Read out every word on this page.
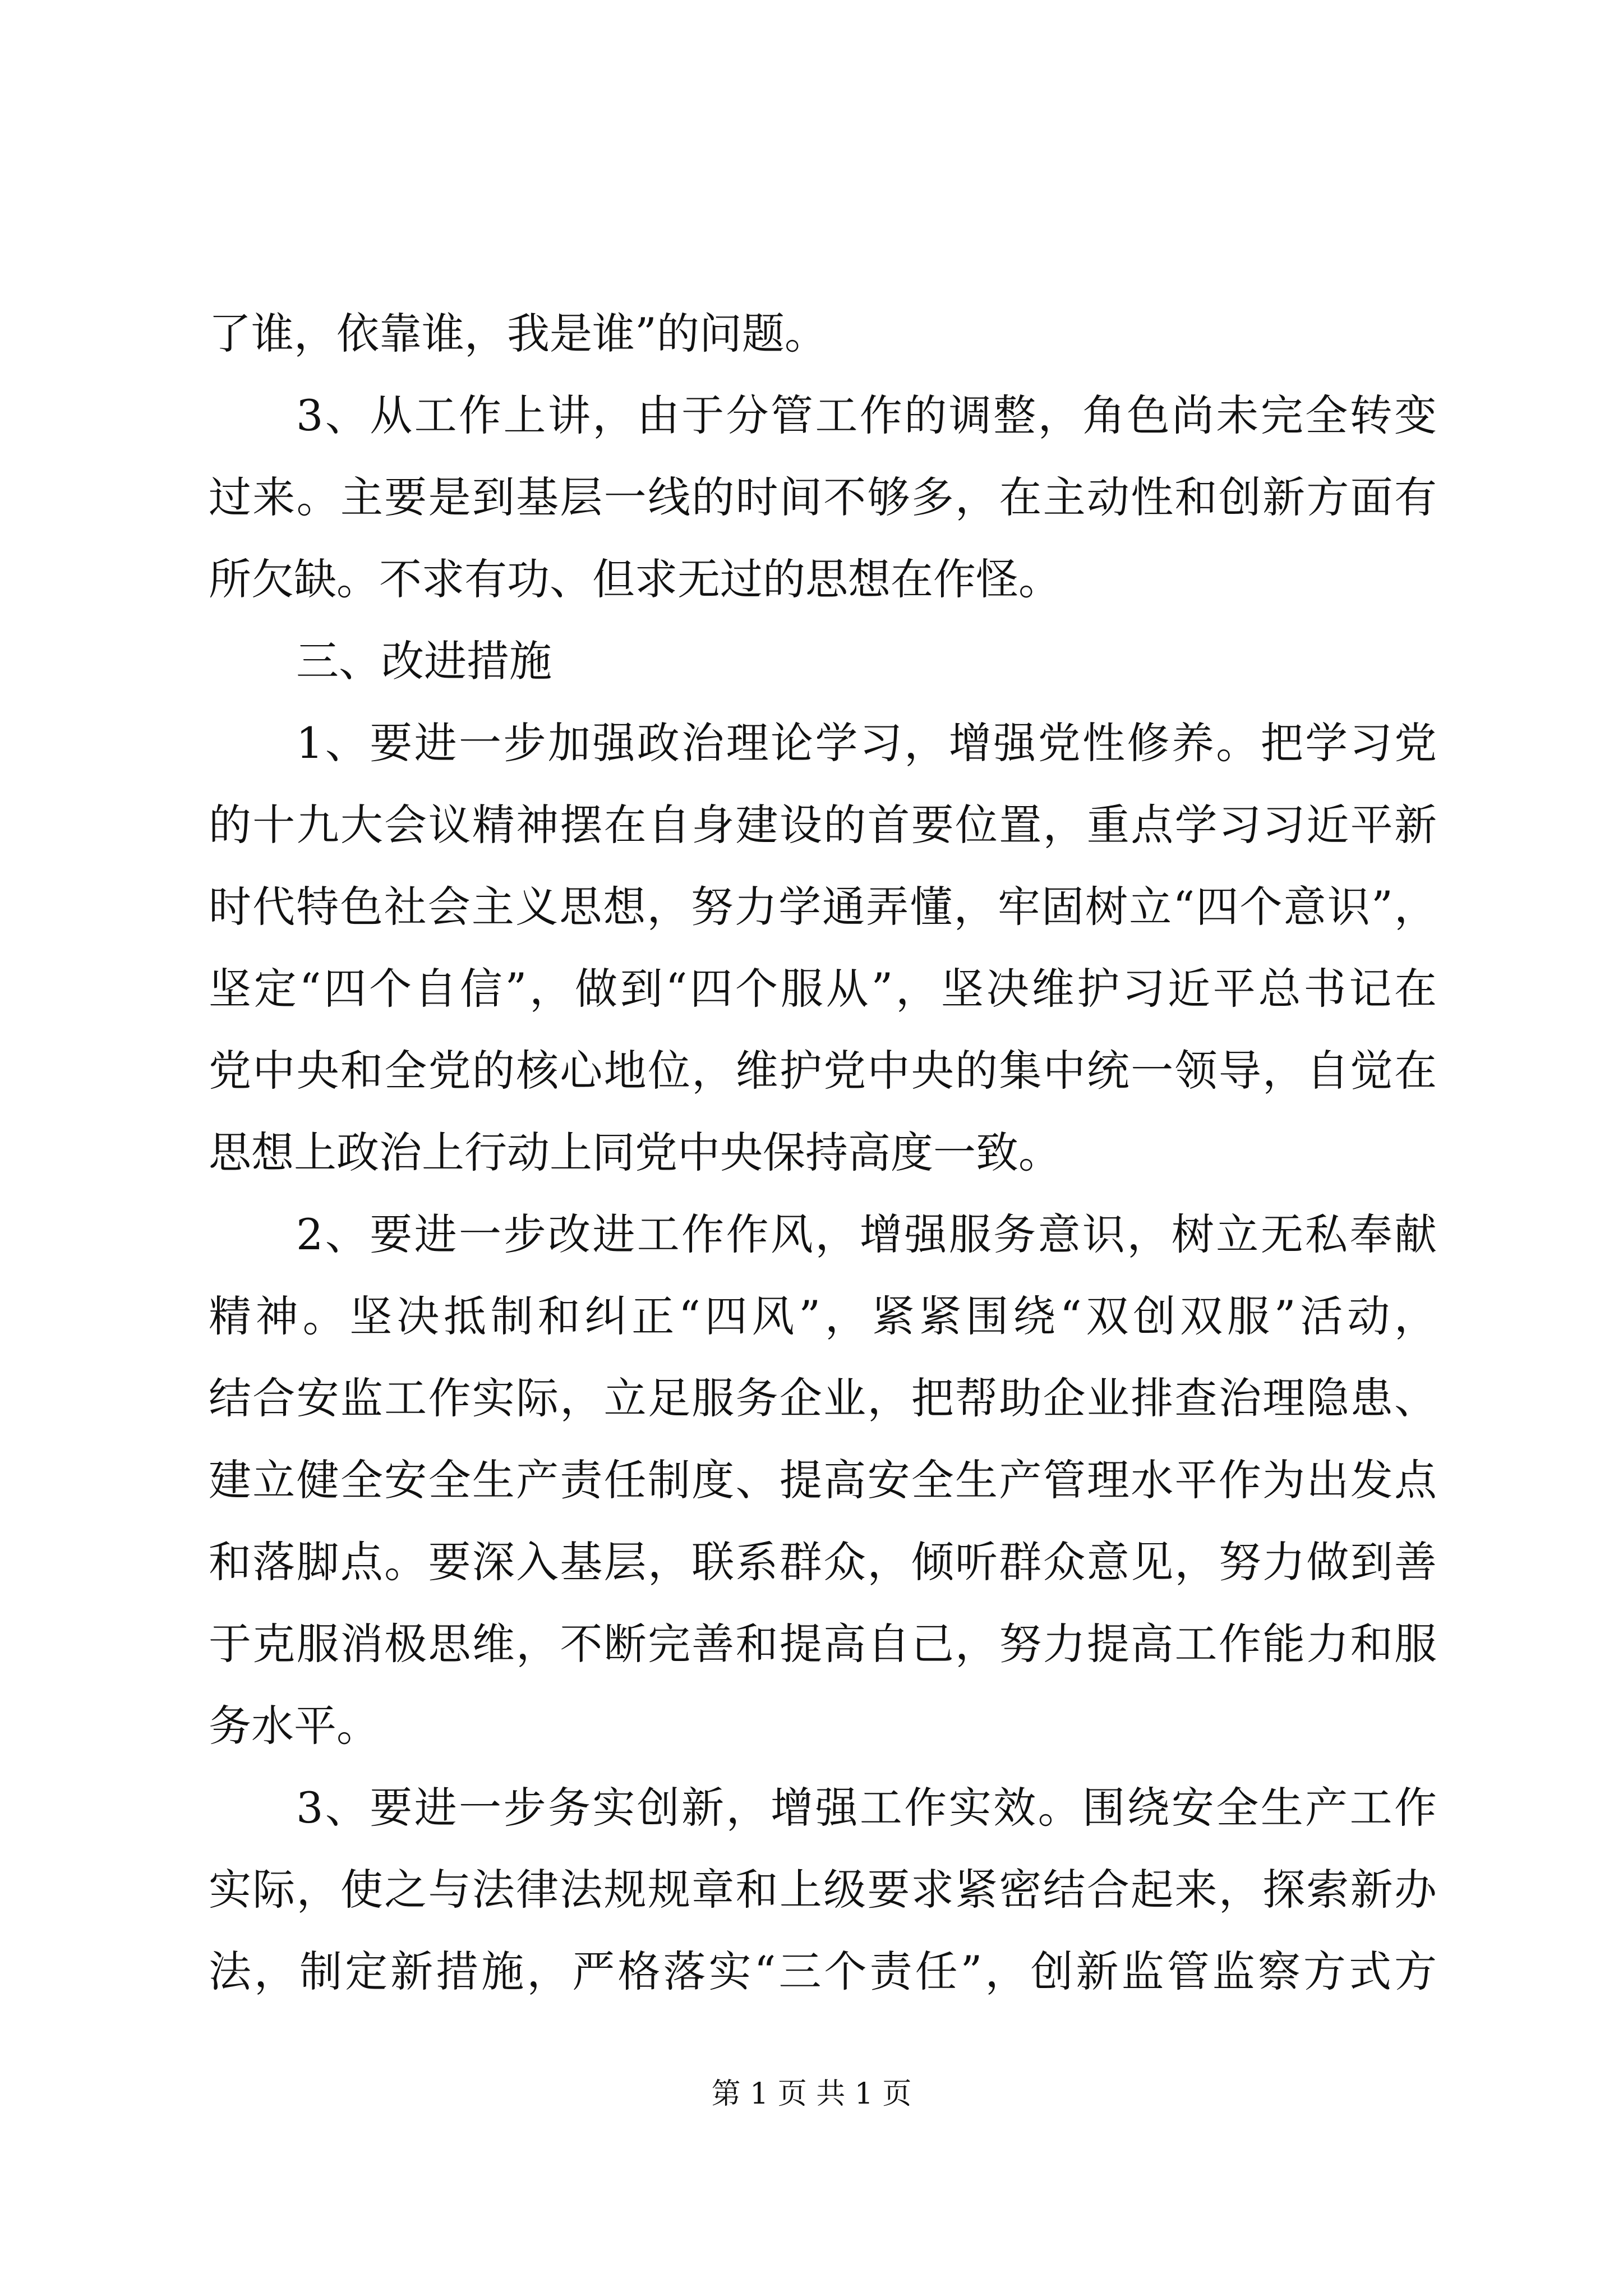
了谁，依靠谁，我是谁”的问题。
3、从工作上讲，由于分管工作的调整，角色尚未完全转变
过来。主要是到基层一线的时间不够多，在主动性和创新方面有
所欠缺。不求有功、但求无过的思想在作怪。
三、改进措施
1、要进一步加强政治理论学习，增强党性修养。把学习党
的十九大会议精神摆在自身建设的首要位置，重点学习习近平新
时代特色社会主义思想，努力学通弄懂，牢固树立“四个意识”，
坚定“四个自信”，做到“四个服从”，坚决维护习近平总书记在
党中央和全党的核心地位，维护党中央的集中统一领导，自觉在
思想上政治上行动上同党中央保持高度一致。
2、要进一步改进工作作风，增强服务意识，树立无私奉献
精神。坚决抵制和纠正“四风”，紧紧围绕“双创双服”活动，
结合安监工作实际，立足服务企业，把帮助企业排查治理隐患、
建立健全安全生产责任制度、提高安全生产管理水平作为出发点
和落脚点。要深入基层，联系群众，倾听群众意见，努力做到善
于克服消极思维，不断完善和提高自己，努力提高工作能力和服
务水平。
3、要进一步务实创新，增强工作实效。围绕安全生产工作
实际，使之与法律法规规章和上级要求紧密结合起来，探索新办
法，制定新措施，严格落实“三个责任”，创新监管监察方式方
第 1 页 共 1 页
